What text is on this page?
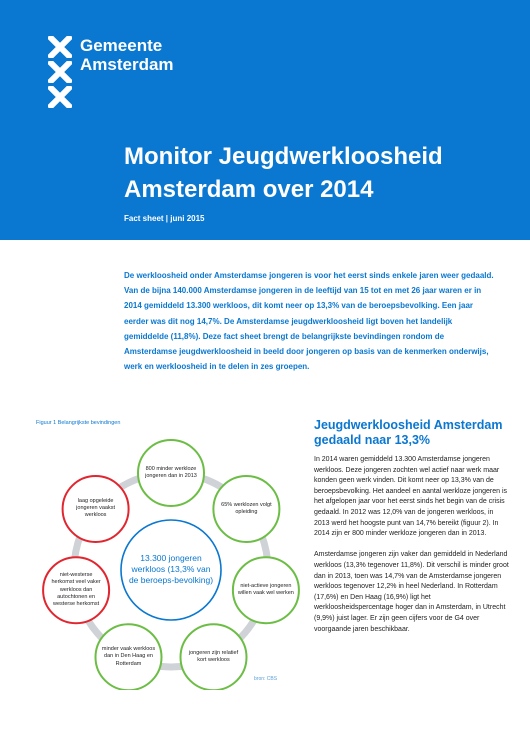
Gemeente
Amsterdam
Monitor Jeugdwerkloosheid
Amsterdam over 2014
Fact sheet | juni 2015
De werkloosheid onder Amsterdamse jongeren is voor het eerst sinds enkele jaren weer gedaald. Van de bijna 140.000 Amsterdamse jongeren in de leeftijd van 15 tot en met 26 jaar waren er in 2014 gemiddeld 13.300 werkloos, dit komt neer op 13,3% van de beroepsbevolking. Een jaar eerder was dit nog 14,7%. De Amsterdamse jeugdwerkloosheid ligt boven het landelijk gemiddelde (11,8%). Deze fact sheet brengt de belangrijkste bevindingen rondom de Amsterdamse jeugdwerkloosheid in beeld door jongeren op basis van de kenmerken onderwijs, werk en werkloosheid in te delen in zes groepen.
Figuur 1 Belangrijkste bevindingen
13.300 jongeren werkloos (13,3% van de beroeps-bevolking)
800 minder werkloze jongeren dan in 2013
65% werklozen volgt opleiding
niet-actieve jongeren willen vaak wel werken
jongeren zijn relatief kort werkloos
minder vaak werkloos dan in Den Haag en Rotterdam
niet-westerse herkomst veel vaker werkloos dan autochtonen en westerse herkomst
laag opgeleide jongeren vaakst werkloos
bron: CBS
Jeugdwerkloosheid Amsterdam
gedaald naar 13,3%

In 2014 waren gemiddeld 13.300 Amsterdamse jongeren werkloos. Deze jongeren zochten wel actief naar werk maar konden geen werk vinden. Dit komt neer op 13,3% van de beroepsbevolking. Het aandeel en aantal werkloze jongeren is het afgelopen jaar voor het eerst sinds het begin van de crisis gedaald. In 2012 was 12,0% van de jongeren werkloos, in 2013 werd het hoogste punt van 14,7% bereikt (figuur 2). In 2014 zijn er 800 minder werkloze jongeren dan in 2013.

Amsterdamse jongeren zijn vaker dan gemiddeld in Nederland werkloos (13,3% tegenover 11,8%). Dit verschil is minder groot dan in 2013, toen was 14,7% van de Amsterdamse jongeren werkloos tegenover 12,2% in heel Nederland. In Rotterdam (17,6%) en Den Haag (16,9%) ligt het werkloosheidspercentage hoger dan in Amsterdam, in Utrecht (9,9%) juist lager. Er zijn geen cijfers voor de G4 over voorgaande jaren beschikbaar.
